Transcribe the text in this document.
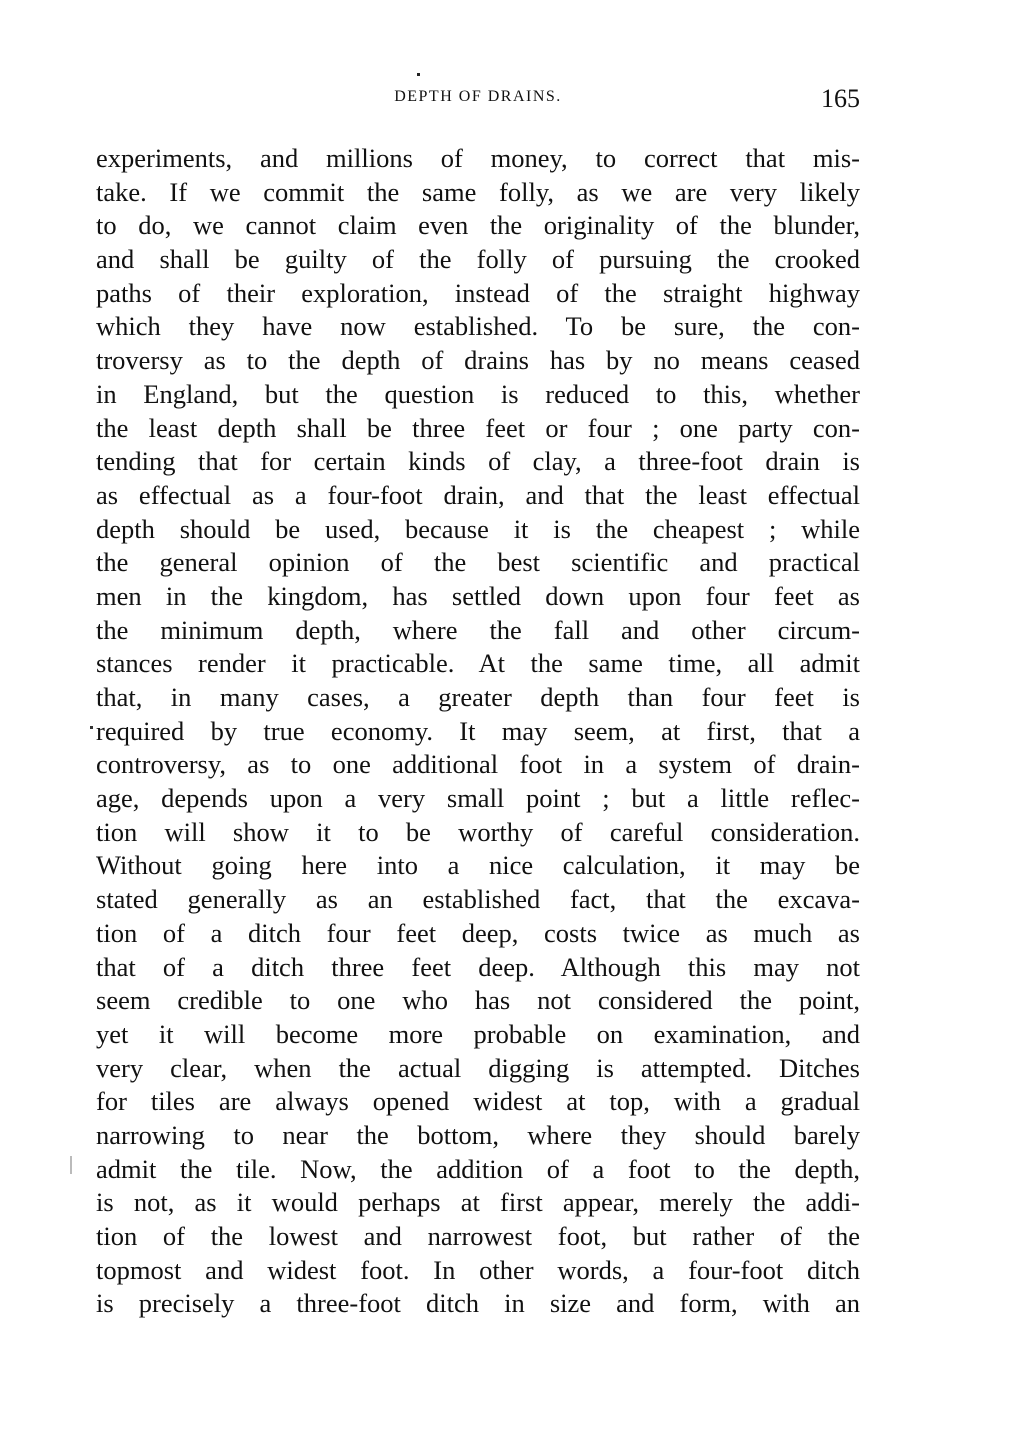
DEPTH OF DRAINS.	165
experiments, and millions of money, to correct that mis-
take. If we commit the same folly, as we are very likely
to do, we cannot claim even the originality of the blunder,
and shall be guilty of the folly of pursuing the crooked
paths of their exploration, instead of the straight highway
which they have now established. To be sure, the con-
troversy as to the depth of drains has by no means ceased
in England, but the question is reduced to this, whether
the least depth shall be three feet or four ; one party con-
tending that for certain kinds of clay, a three-foot drain is
as effectual as a four-foot drain, and that the least effectual
depth should be used, because it is the cheapest ; while
the general opinion of the best scientific and practical
men in the kingdom, has settled down upon four feet as
the minimum depth, where the fall and other circum-
stances render it practicable. At the same time, all admit
that, in many cases, a greater depth than four feet is
required by true economy. It may seem, at first, that a
controversy, as to one additional foot in a system of drain-
age, depends upon a very small point ; but a little reflec-
tion will show it to be worthy of careful consideration.
Without going here into a nice calculation, it may be
stated generally as an established fact, that the excava-
tion of a ditch four feet deep, costs twice as much as
that of a ditch three feet deep. Although this may not
seem credible to one who has not considered the point,
yet it will become more probable on examination, and
very clear, when the actual digging is attempted. Ditches
for tiles are always opened widest at top, with a gradual
narrowing to near the bottom, where they should barely
admit the tile. Now, the addition of a foot to the depth,
is not, as it would perhaps at first appear, merely the addi-
tion of the lowest and narrowest foot, but rather of the
topmost and widest foot. In other words, a four-foot ditch
is precisely a three-foot ditch in size and form, with an
